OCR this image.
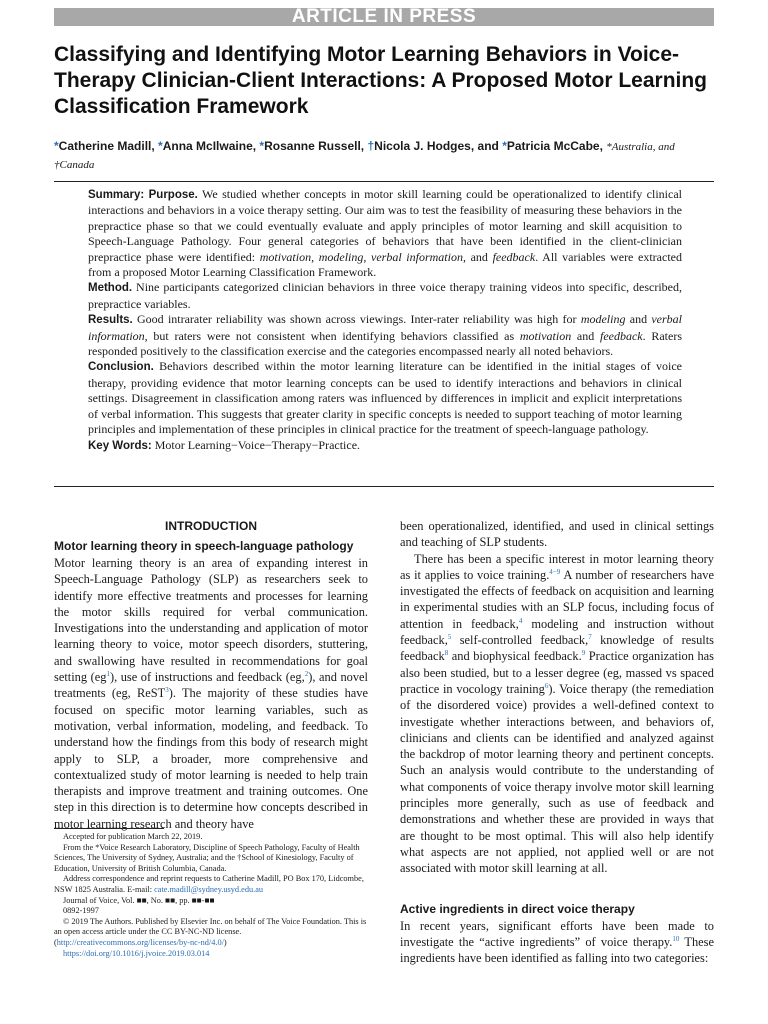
ARTICLE IN PRESS
Classifying and Identifying Motor Learning Behaviors in Voice-Therapy Clinician-Client Interactions: A Proposed Motor Learning Classification Framework
*Catherine Madill, *Anna McIlwaine, *Rosanne Russell, †Nicola J. Hodges, and *Patricia McCabe, *Australia, and
†Canada

Summary: Purpose. We studied whether concepts in motor skill learning could be operationalized to identify clinical interactions and behaviors in a voice therapy setting. Our aim was to test the feasibility of measuring these behaviors in the prepractice phase so that we could eventually evaluate and apply principles of motor learning and skill acquisition to Speech-Language Pathology. Four general categories of behaviors that have been identified in the client-clinician prepractice phase were identified: motivation, modeling, verbal information, and feedback. All variables were extracted from a proposed Motor Learning Classification Framework.

Method. Nine participants categorized clinician behaviors in three voice therapy training videos into specific, described, prepractice variables.

Results. Good intrarater reliability was shown across viewings. Inter-rater reliability was high for modeling and verbal information, but raters were not consistent when identifying behaviors classified as motivation and feedback. Raters responded positively to the classification exercise and the categories encompassed nearly all noted behaviors.

Conclusion. Behaviors described within the motor learning literature can be identified in the initial stages of voice therapy, providing evidence that motor learning concepts can be used to identify interactions and behaviors in clinical settings. Disagreement in classification among raters was influenced by differences in implicit and explicit interpretations of verbal information. This suggests that greater clarity in specific concepts is needed to support teaching of motor learning principles and implementation of these principles in clinical practice for the treatment of speech-language pathology.

Key Words: Motor Learning−Voice−Therapy−Practice.

INTRODUCTION
Motor learning theory in speech-language pathology

Motor learning theory is an area of expanding interest in Speech-Language Pathology (SLP) as researchers seek to identify more effective treatments and processes for learning the motor skills required for verbal communication. Investigations into the understanding and application of motor learning theory to voice, motor speech disorders, stuttering, and swallowing have resulted in recommendations for goal setting (eg$^1$), use of instructions and feedback (eg,$^2$), and novel treatments (eg, ReST$^3$). The majority of these studies have focused on specific motor learning variables, such as motivation, verbal information, modeling, and feedback. To understand how the findings from this body of research might apply to SLP, a broader, more comprehensive and contextualized study of motor learning is needed to help train therapists and improve treatment and training outcomes. One step in this direction is to determine how concepts described in motor learning research and theory have

Accepted for publication March 22, 2019.

From the *Voice Research Laboratory, Discipline of Speech Pathology, Faculty of Health Sciences, The University of Sydney, Australia; and the †School of Kinesiology, Faculty of Education, University of British Columbia, Canada.

Address correspondence and reprint requests to Catherine Madill, PO Box 170, Lidcombe, NSW 1825 Australia. E-mail: cate.madill@sydney.usyd.edu.au

Journal of Voice, Vol. ■■, No. ■■, pp. ■■-■■

0892-1997

© 2019 The Authors. Published by Elsevier Inc. on behalf of The Voice Foundation. This is an open access article under the CC BY-NC-ND license.

(http://creativecommons.org/licenses/by-nc-nd/4.0/)

https://doi.org/10.1016/j.jvoice.2019.03.014

been operationalized, identified, and used in clinical settings and teaching of SLP students.

There has been a specific interest in motor learning theory as it applies to voice training.$^{4-9}$ A number of researchers have investigated the effects of feedback on acquisition and learning in experimental studies with an SLP focus, including focus of attention in feedback,$^4$ modeling and instruction without feedback,$^5$ self-controlled feedback,$^7$ knowledge of results feedback$^8$ and biophysical feedback.$^9$ Practice organization has also been studied, but to a lesser degree (eg, massed vs spaced practice in vocology training$^6$). Voice therapy (the remediation of the disordered voice) provides a well-defined context to investigate whether interactions between, and behaviors of, clinicians and clients can be identified and analyzed against the backdrop of motor learning theory and pertinent concepts. Such an analysis would contribute to the understanding of what components of voice therapy involve motor skill learning principles more generally, such as use of feedback and demonstrations and whether these are provided in ways that are thought to be most optimal. This will also help identify what aspects are not applied, not applied well or are not associated with motor skill learning at all.

Active ingredients in direct voice therapy

In recent years, significant efforts have been made to investigate the “active ingredients” of voice therapy.$^{10}$ These ingredients have been identified as falling into two categories:
